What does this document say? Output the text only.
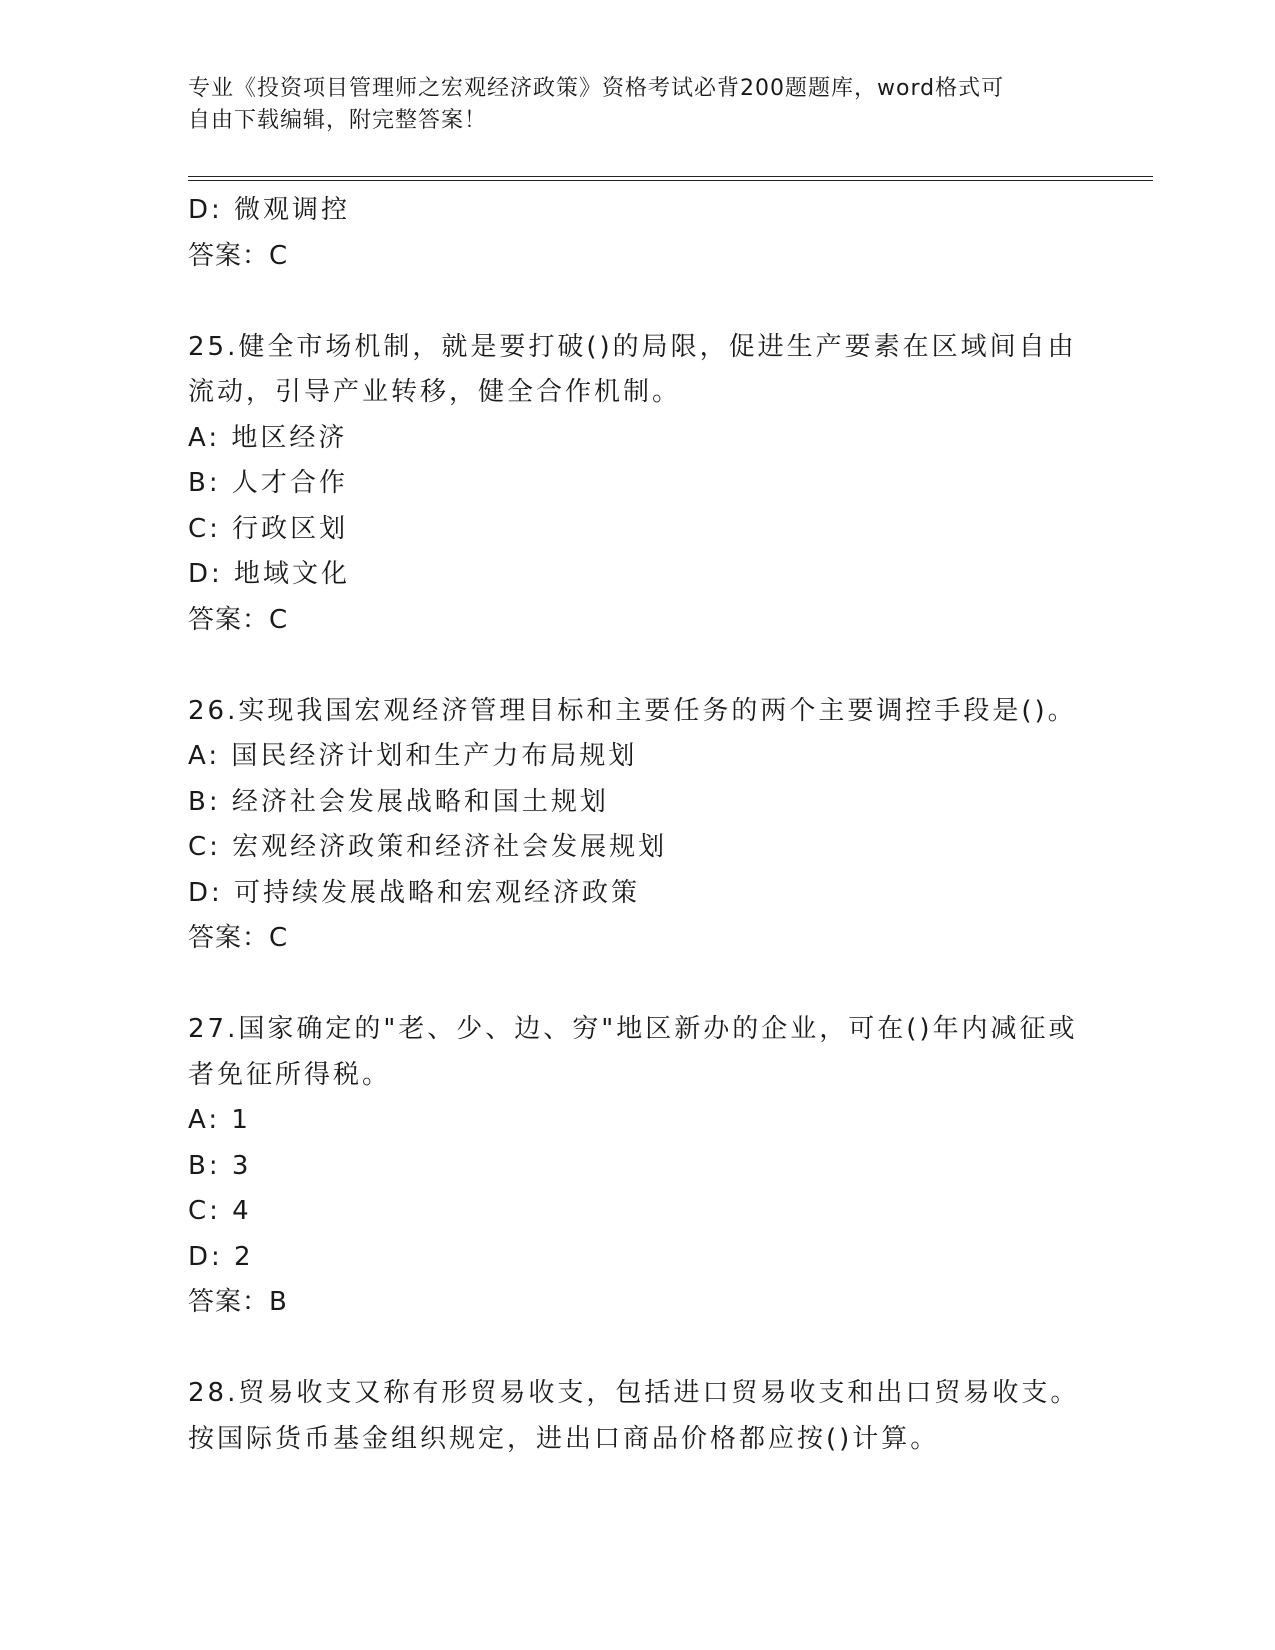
专业《投资项目管理师之宏观经济政策》资格考试必背200题题库，word格式可
自由下载编辑，附完整答案！
D: 微观调控
答案：C
25.健全市场机制，就是要打破()的局限，促进生产要素在区域间自由
流动，引导产业转移，健全合作机制。
A: 地区经济
B: 人才合作
C: 行政区划
D: 地域文化
答案：C
26.实现我国宏观经济管理目标和主要任务的两个主要调控手段是()。
A: 国民经济计划和生产力布局规划
B: 经济社会发展战略和国土规划
C: 宏观经济政策和经济社会发展规划
D: 可持续发展战略和宏观经济政策
答案：C
27.国家确定的"老、少、边、穷"地区新办的企业，可在()年内减征或
者免征所得税。
A: 1
B: 3
C: 4
D: 2
答案：B
28.贸易收支又称有形贸易收支，包括进口贸易收支和出口贸易收支。
按国际货币基金组织规定，进出口商品价格都应按()计算。
